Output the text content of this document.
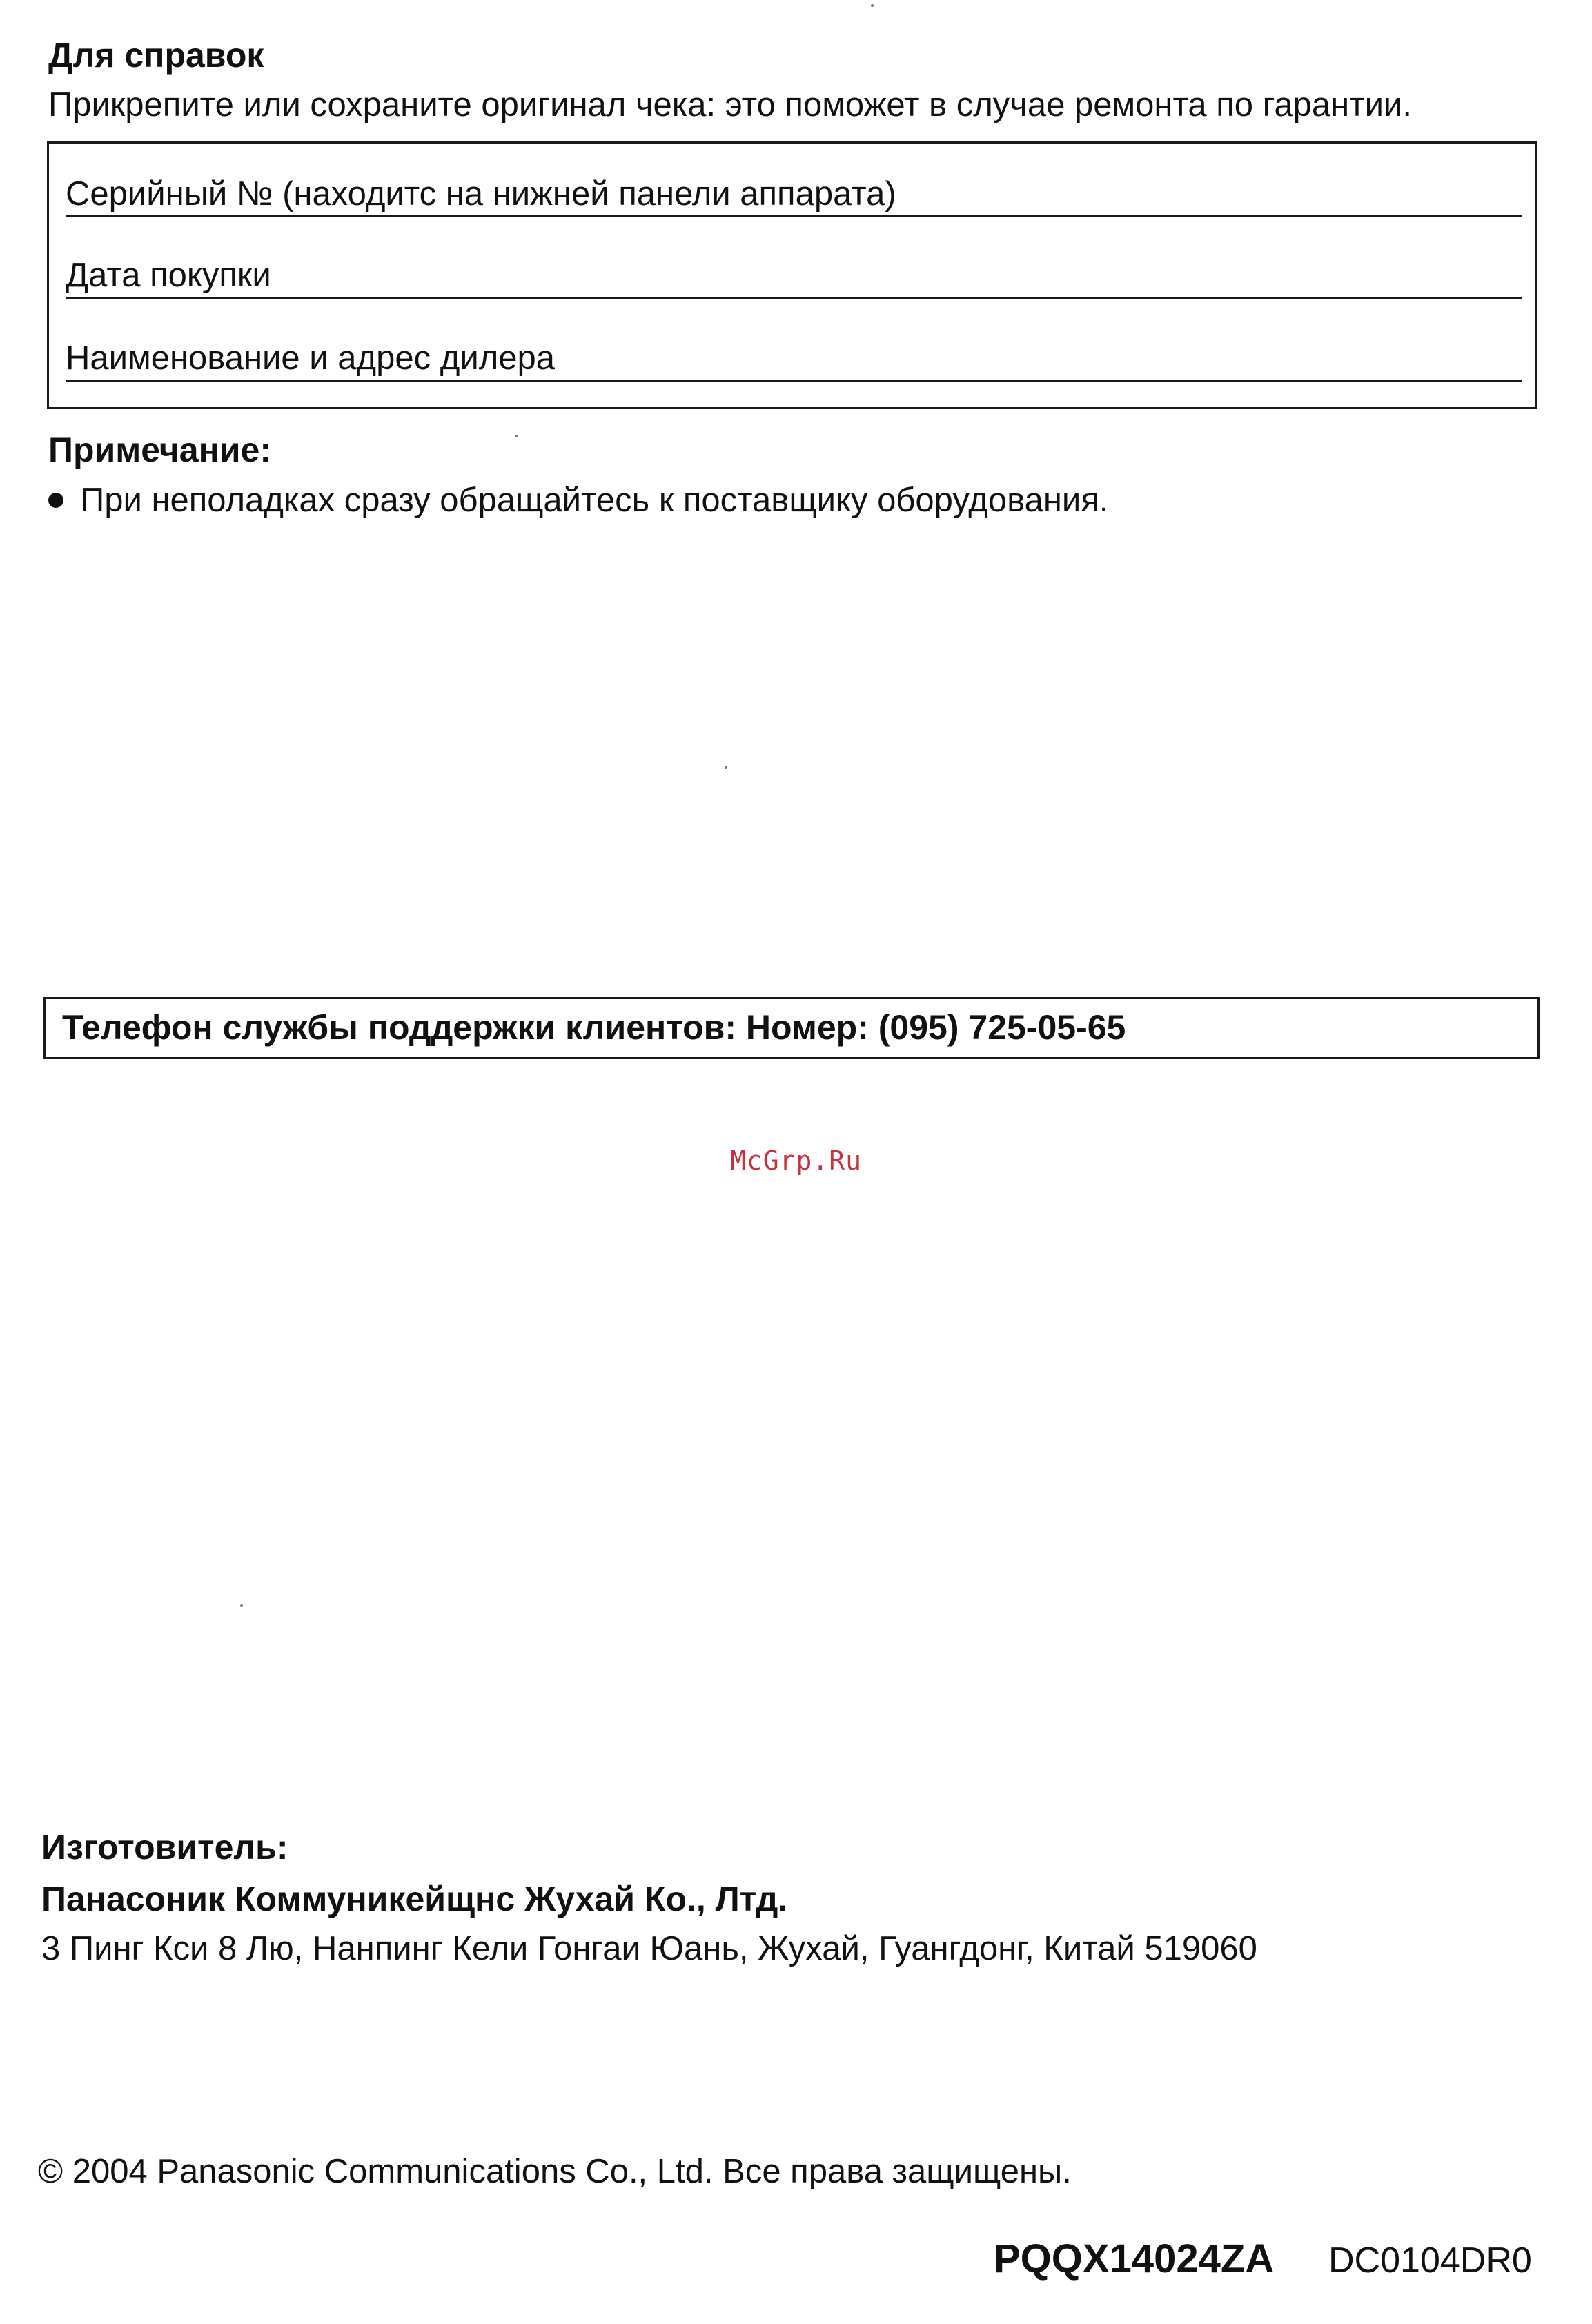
Для справок
Прикрепите или сохраните оригинал чека: это поможет в случае ремонта по гарантии.
Серийный № (находитс на нижней панели аппарата)
Дата покупки
Наименование и адрес дилера
Примечание:
При неполадках сразу обращайтесь к поставщику оборудования.
Телефон службы поддержки клиентов: Номер: (095) 725-05-65
McGrp.Ru
Изготовитель:
Панасоник Коммуникейщнс Жухай Ко., Лтд.
3 Пинг Кси 8 Лю, Нанпинг Кели Гонгаи Юань, Жухай, Гуангдонг, Китай 519060
© 2004 Panasonic Communications Co., Ltd. Все права защищены.
PQQX14024ZA DC0104DR0
